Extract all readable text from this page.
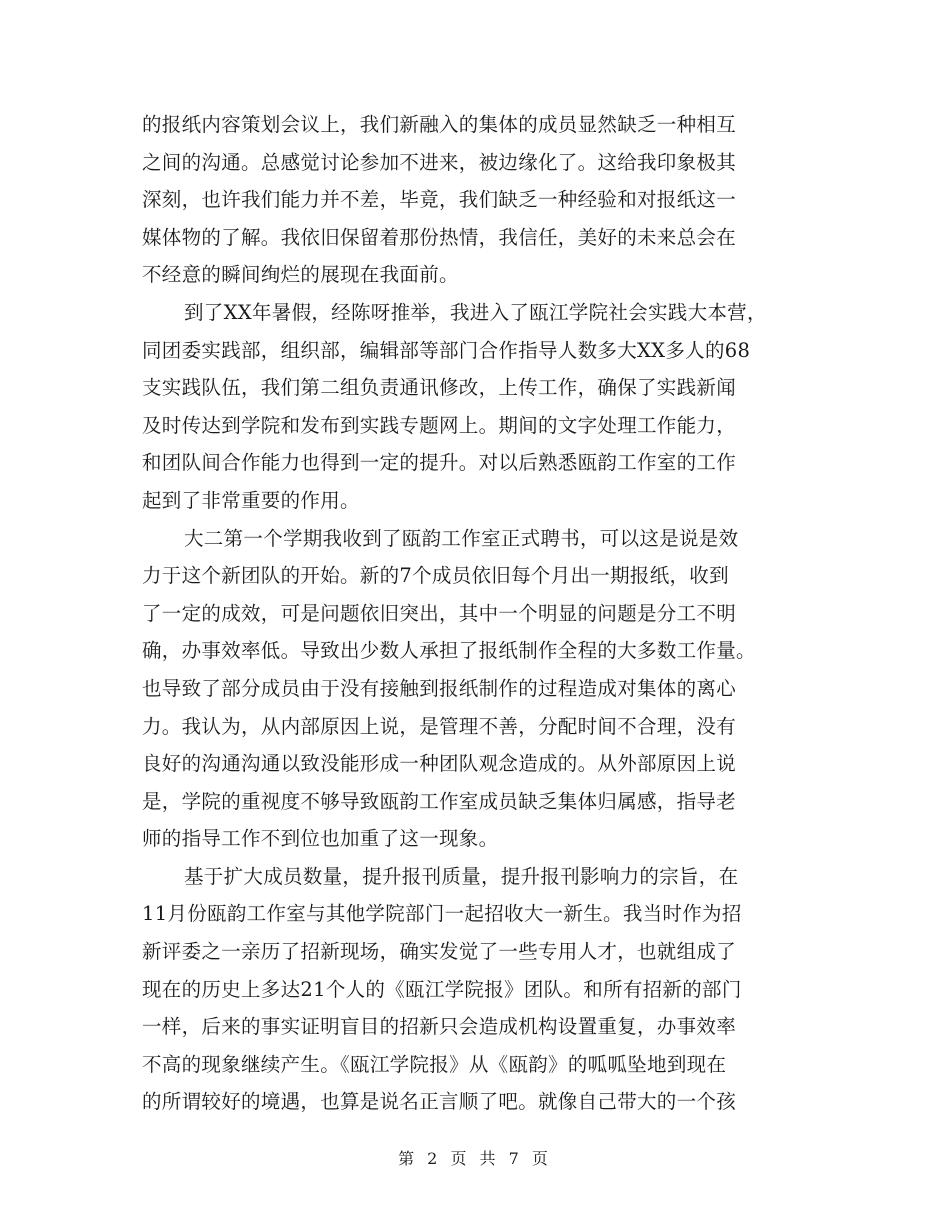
的报纸内容策划会议上，我们新融入的集体的成员显然缺乏一种相互
之间的沟通。总感觉讨论参加不进来，被边缘化了。这给我印象极其
深刻，也许我们能力并不差，毕竟，我们缺乏一种经验和对报纸这一
媒体物的了解。我依旧保留着那份热情，我信任，美好的未来总会在
不经意的瞬间绚烂的展现在我面前。
到了XX年暑假，经陈呀推举，我进入了瓯江学院社会实践大本营，
同团委实践部，组织部，编辑部等部门合作指导人数多大XX多人的68
支实践队伍，我们第二组负责通讯修改，上传工作，确保了实践新闻
及时传达到学院和发布到实践专题网上。期间的文字处理工作能力，
和团队间合作能力也得到一定的提升。对以后熟悉瓯韵工作室的工作
起到了非常重要的作用。
大二第一个学期我收到了瓯韵工作室正式聘书，可以这是说是效
力于这个新团队的开始。新的7个成员依旧每个月出一期报纸，收到
了一定的成效，可是问题依旧突出，其中一个明显的问题是分工不明
确，办事效率低。导致出少数人承担了报纸制作全程的大多数工作量。
也导致了部分成员由于没有接触到报纸制作的过程造成对集体的离心
力。我认为，从内部原因上说，是管理不善，分配时间不合理，没有
良好的沟通沟通以致没能形成一种团队观念造成的。从外部原因上说
是，学院的重视度不够导致瓯韵工作室成员缺乏集体归属感，指导老
师的指导工作不到位也加重了这一现象。
基于扩大成员数量，提升报刊质量，提升报刊影响力的宗旨，在
11月份瓯韵工作室与其他学院部门一起招收大一新生。我当时作为招
新评委之一亲历了招新现场，确实发觉了一些专用人才，也就组成了
现在的历史上多达21个人的《瓯江学院报》团队。和所有招新的部门
一样，后来的事实证明盲目的招新只会造成机构设置重复，办事效率
不高的现象继续产生。《瓯江学院报》从《瓯韵》的呱呱坠地到现在
的所谓较好的境遇，也算是说名正言顺了吧。就像自己带大的一个孩
第 2 页 共 7 页
